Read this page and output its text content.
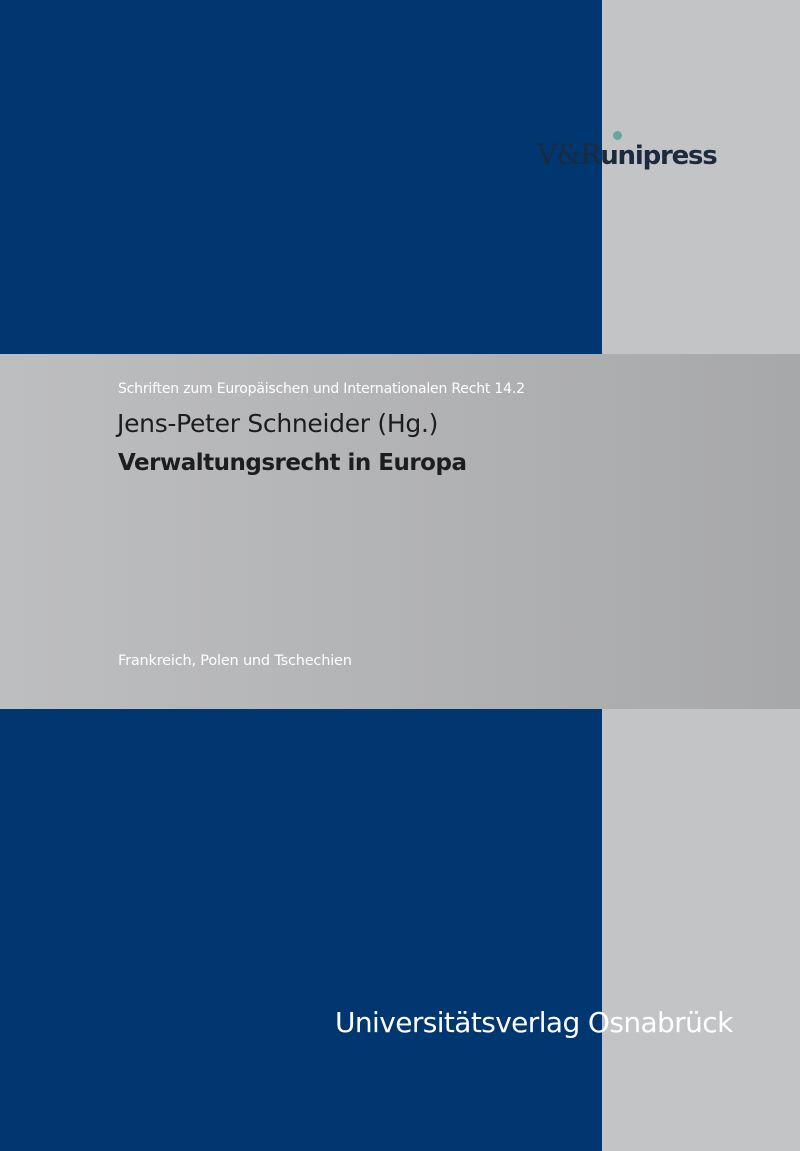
V&Runipress
Schriften zum Europäischen und Internationalen Recht 14.2
Jens-Peter Schneider (Hg.)
Verwaltungsrecht in Europa
Frankreich, Polen und Tschechien
Universitätsverlag Osnabrück
